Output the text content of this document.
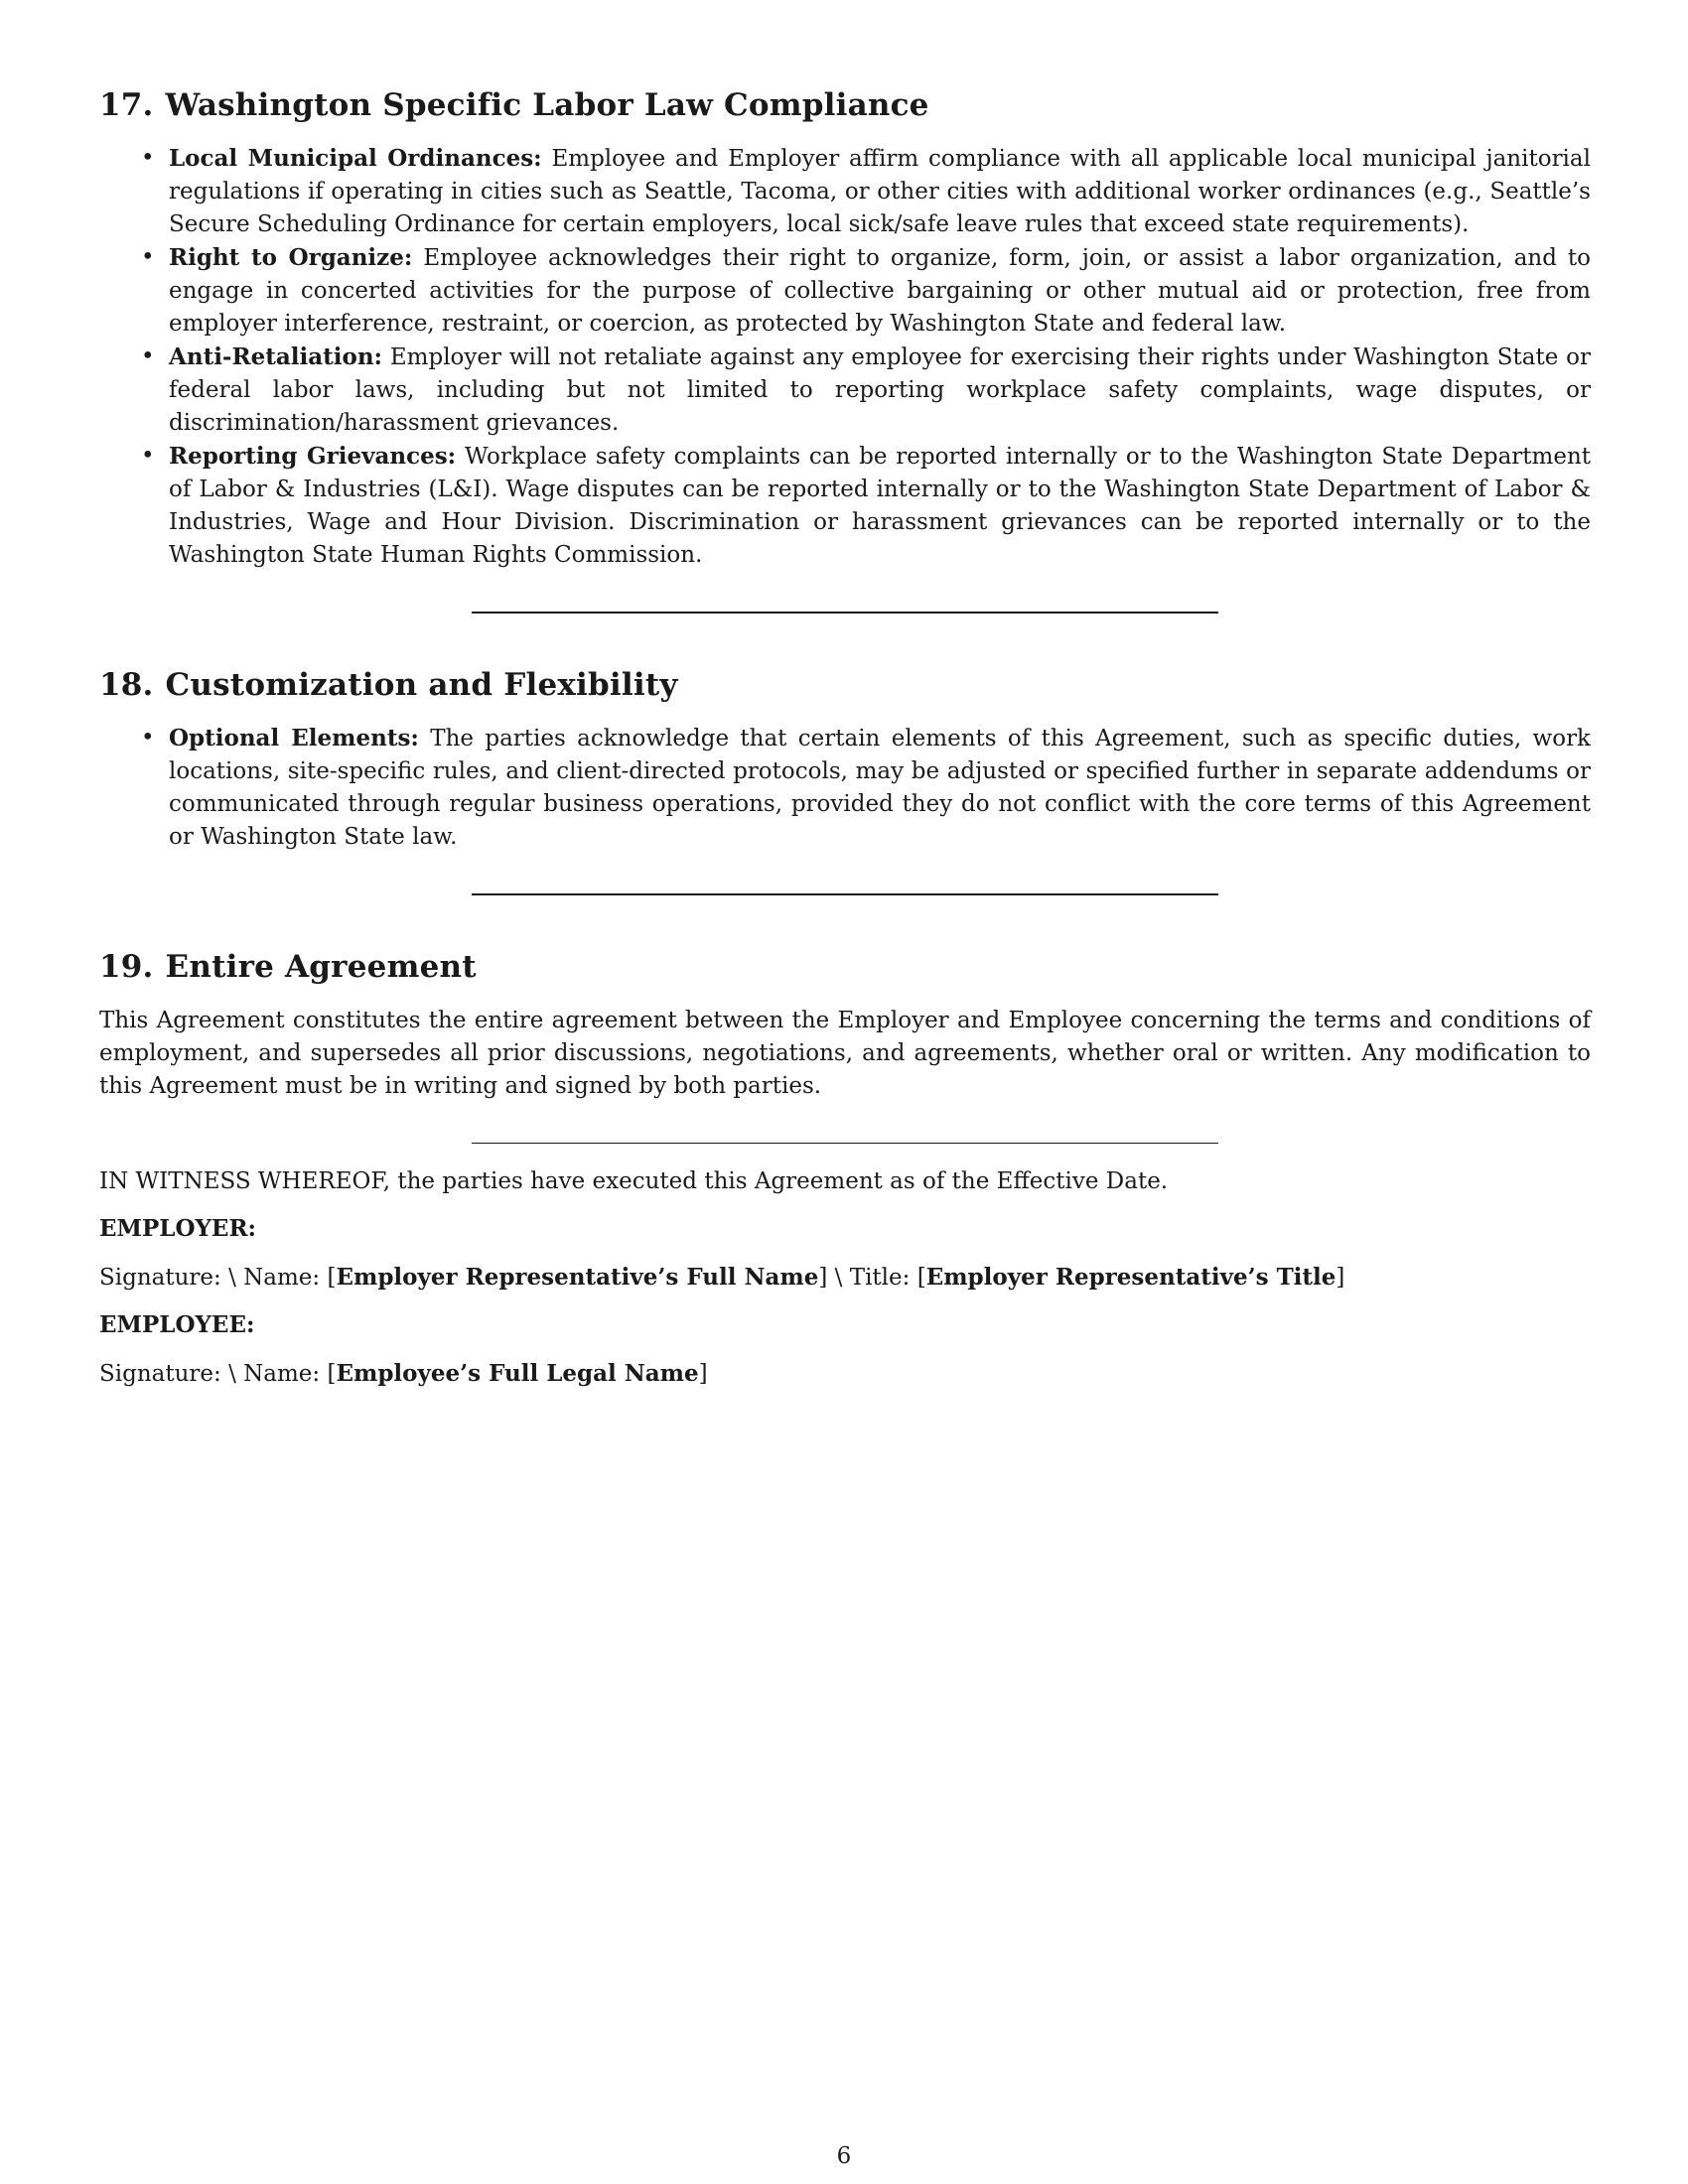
17. Washington Specific Labor Law Compliance
• Local Municipal Ordinances: Employee and Employer affirm compliance with all applicable local municipal janitorial regulations if operating in cities such as Seattle, Tacoma, or other cities with additional worker ordinances (e.g., Seattle’s Secure Scheduling Ordinance for certain employers, local sick/safe leave rules that exceed state requirements).
• Right to Organize: Employee acknowledges their right to organize, form, join, or assist a labor organization, and to engage in concerted activities for the purpose of collective bargaining or other mutual aid or protection, free from employer interference, restraint, or coercion, as protected by Washington State and federal law.
• Anti-Retaliation: Employer will not retaliate against any employee for exercising their rights under Washington State or federal labor laws, including but not limited to reporting workplace safety complaints, wage disputes, or discrimination/harassment grievances.
• Reporting Grievances: Workplace safety complaints can be reported internally or to the Washington State Department of Labor & Industries (L&I). Wage disputes can be reported internally or to the Washington State Department of Labor & Industries, Wage and Hour Division. Discrimination or harassment grievances can be reported internally or to the Washington State Human Rights Commission.
18. Customization and Flexibility
• Optional Elements: The parties acknowledge that certain elements of this Agreement, such as specific duties, work locations, site-specific rules, and client-directed protocols, may be adjusted or specified further in separate addendums or communicated through regular business operations, provided they do not conflict with the core terms of this Agreement or Washington State law.
19. Entire Agreement

This Agreement constitutes the entire agreement between the Employer and Employee concerning the terms and conditions of employment, and supersedes all prior discussions, negotiations, and agreements, whether oral or written. Any modification to this Agreement must be in writing and signed by both parties.

IN WITNESS WHEREOF, the parties have executed this Agreement as of the Effective Date.

EMPLOYER:

Signature: \ Name: [Employer Representative’s Full Name] \ Title: [Employer Representative’s Title]

EMPLOYEE:

Signature: \ Name: [Employee’s Full Legal Name]

6
